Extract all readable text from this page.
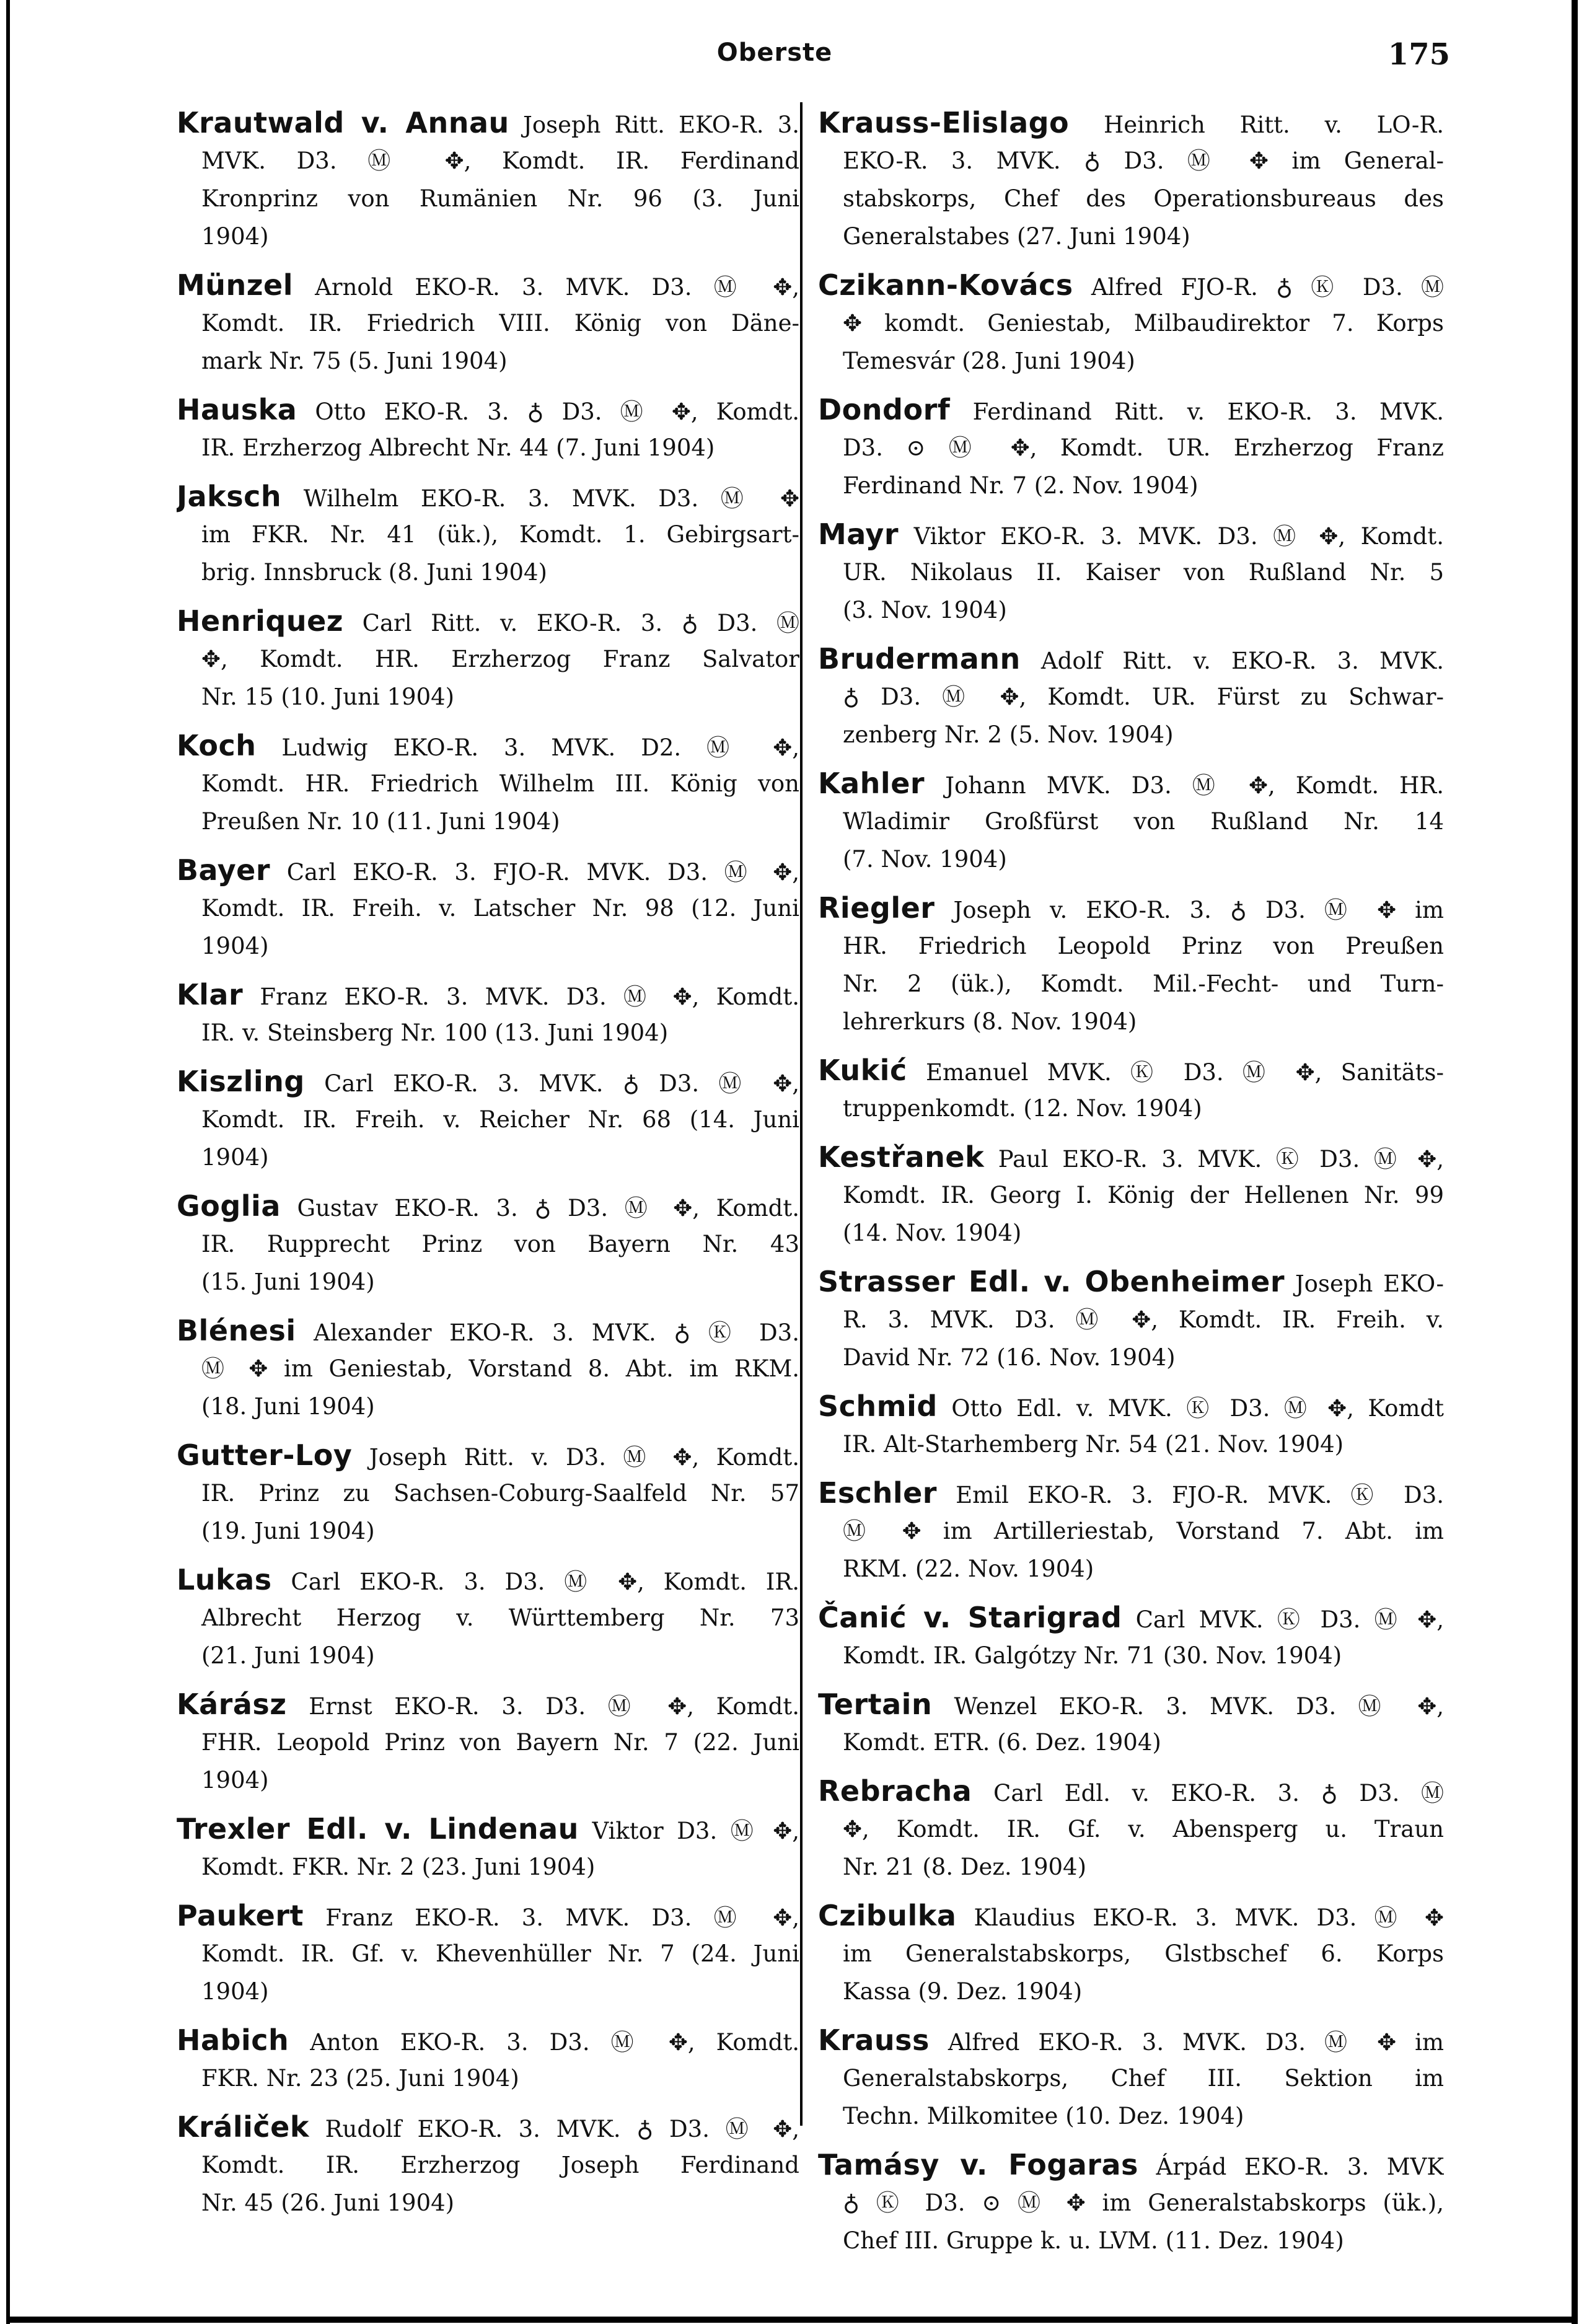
Oberste	175
Krautwald v. Annau Joseph Ritt. EKO-R. 3.
MVK. D3. Ⓜ ✥, Komdt. IR. Ferdinand
Kronprinz von Rumänien Nr. 96 (3. Juni
1904)
Münzel Arnold EKO-R. 3. MVK. D3. Ⓜ ✥,
Komdt. IR. Friedrich VIII. König von Däne-
mark Nr. 75 (5. Juni 1904)
Hauska Otto EKO-R. 3. ♁ D3. Ⓜ ✥, Komdt.
IR. Erzherzog Albrecht Nr. 44 (7. Juni 1904)
Jaksch Wilhelm EKO-R. 3. MVK. D3. Ⓜ ✥
im FKR. Nr. 41 (ük.), Komdt. 1. Gebirgsart-
brig. Innsbruck (8. Juni 1904)
Henriquez Carl Ritt. v. EKO-R. 3. ♁ D3. Ⓜ
✥, Komdt. HR. Erzherzog Franz Salvator
Nr. 15 (10. Juni 1904)
Koch Ludwig EKO-R. 3. MVK. D2. Ⓜ ✥,
Komdt. HR. Friedrich Wilhelm III. König von
Preußen Nr. 10 (11. Juni 1904)
Bayer Carl EKO-R. 3. FJO-R. MVK. D3. Ⓜ ✥,
Komdt. IR. Freih. v. Latscher Nr. 98 (12. Juni
1904)
Klar Franz EKO-R. 3. MVK. D3. Ⓜ ✥, Komdt.
IR. v. Steinsberg Nr. 100 (13. Juni 1904)
Kiszling Carl EKO-R. 3. MVK. ♁ D3. Ⓜ ✥,
Komdt. IR. Freih. v. Reicher Nr. 68 (14. Juni
1904)
Goglia Gustav EKO-R. 3. ♁ D3. Ⓜ ✥, Komdt.
IR. Rupprecht Prinz von Bayern Nr. 43
(15. Juni 1904)
Blénesi Alexander EKO-R. 3. MVK. ♁ Ⓚ D3.
Ⓜ ✥ im Geniestab, Vorstand 8. Abt. im RKM.
(18. Juni 1904)
Gutter-Loy Joseph Ritt. v. D3. Ⓜ ✥, Komdt.
IR. Prinz zu Sachsen-Coburg-Saalfeld Nr. 57
(19. Juni 1904)
Lukas Carl EKO-R. 3. D3. Ⓜ ✥, Komdt. IR.
Albrecht Herzog v. Württemberg Nr. 73
(21. Juni 1904)
Kárász Ernst EKO-R. 3. D3. Ⓜ ✥, Komdt.
FHR. Leopold Prinz von Bayern Nr. 7 (22. Juni
1904)
Trexler Edl. v. Lindenau Viktor D3. Ⓜ ✥,
Komdt. FKR. Nr. 2 (23. Juni 1904)
Paukert Franz EKO-R. 3. MVK. D3. Ⓜ ✥,
Komdt. IR. Gf. v. Khevenhüller Nr. 7 (24. Juni
1904)
Habich Anton EKO-R. 3. D3. Ⓜ ✥, Komdt.
FKR. Nr. 23 (25. Juni 1904)
Králiček Rudolf EKO-R. 3. MVK. ♁ D3. Ⓜ ✥,
Komdt. IR. Erzherzog Joseph Ferdinand
Nr. 45 (26. Juni 1904)
Krauss-Elislago Heinrich Ritt. v. LO-R.
EKO-R. 3. MVK. ♁ D3. Ⓜ ✥ im General-
stabskorps, Chef des Operationsbureaus des
Generalstabes (27. Juni 1904)
Czikann-Kovács Alfred FJO-R. ♁ Ⓚ D3. Ⓜ
✥ komdt. Geniestab, Milbaudirektor 7. Korps
Temesvár (28. Juni 1904)
Dondorf Ferdinand Ritt. v. EKO-R. 3. MVK.
D3. ⊙ Ⓜ ✥, Komdt. UR. Erzherzog Franz
Ferdinand Nr. 7 (2. Nov. 1904)
Mayr Viktor EKO-R. 3. MVK. D3. Ⓜ ✥, Komdt.
UR. Nikolaus II. Kaiser von Rußland Nr. 5
(3. Nov. 1904)
Brudermann Adolf Ritt. v. EKO-R. 3. MVK.
♁ D3. Ⓜ ✥, Komdt. UR. Fürst zu Schwar-
zenberg Nr. 2 (5. Nov. 1904)
Kahler Johann MVK. D3. Ⓜ ✥, Komdt. HR.
Wladimir Großfürst von Rußland Nr. 14
(7. Nov. 1904)
Riegler Joseph v. EKO-R. 3. ♁ D3. Ⓜ ✥ im
HR. Friedrich Leopold Prinz von Preußen
Nr. 2 (ük.), Komdt. Mil.-Fecht- und Turn-
lehrerkurs (8. Nov. 1904)
Kukić Emanuel MVK. Ⓚ D3. Ⓜ ✥, Sanitäts-
truppenkomdt. (12. Nov. 1904)
Kestřanek Paul EKO-R. 3. MVK. Ⓚ D3. Ⓜ ✥,
Komdt. IR. Georg I. König der Hellenen Nr. 99
(14. Nov. 1904)
Strasser Edl. v. Obenheimer Joseph EKO-
R. 3. MVK. D3. Ⓜ ✥, Komdt. IR. Freih. v.
David Nr. 72 (16. Nov. 1904)
Schmid Otto Edl. v. MVK. Ⓚ D3. Ⓜ ✥, Komdt
IR. Alt-Starhemberg Nr. 54 (21. Nov. 1904)
Eschler Emil EKO-R. 3. FJO-R. MVK. Ⓚ D3.
Ⓜ ✥ im Artilleriestab, Vorstand 7. Abt. im
RKM. (22. Nov. 1904)
Čanić v. Starigrad Carl MVK. Ⓚ D3. Ⓜ ✥,
Komdt. IR. Galgótzy Nr. 71 (30. Nov. 1904)
Tertain Wenzel EKO-R. 3. MVK. D3. Ⓜ ✥,
Komdt. ETR. (6. Dez. 1904)
Rebracha Carl Edl. v. EKO-R. 3. ♁ D3. Ⓜ
✥, Komdt. IR. Gf. v. Abensperg u. Traun
Nr. 21 (8. Dez. 1904)
Czibulka Klaudius EKO-R. 3. MVK. D3. Ⓜ ✥
im Generalstabskorps, Glstbschef 6. Korps
Kassa (9. Dez. 1904)
Krauss Alfred EKO-R. 3. MVK. D3. Ⓜ ✥ im
Generalstabskorps, Chef III. Sektion im
Techn. Milkomitee (10. Dez. 1904)
Tamásy v. Fogaras Árpád EKO-R. 3. MVK
♁ Ⓚ D3. ⊙ Ⓜ ✥ im Generalstabskorps (ük.),
Chef III. Gruppe k. u. LVM. (11. Dez. 1904)
